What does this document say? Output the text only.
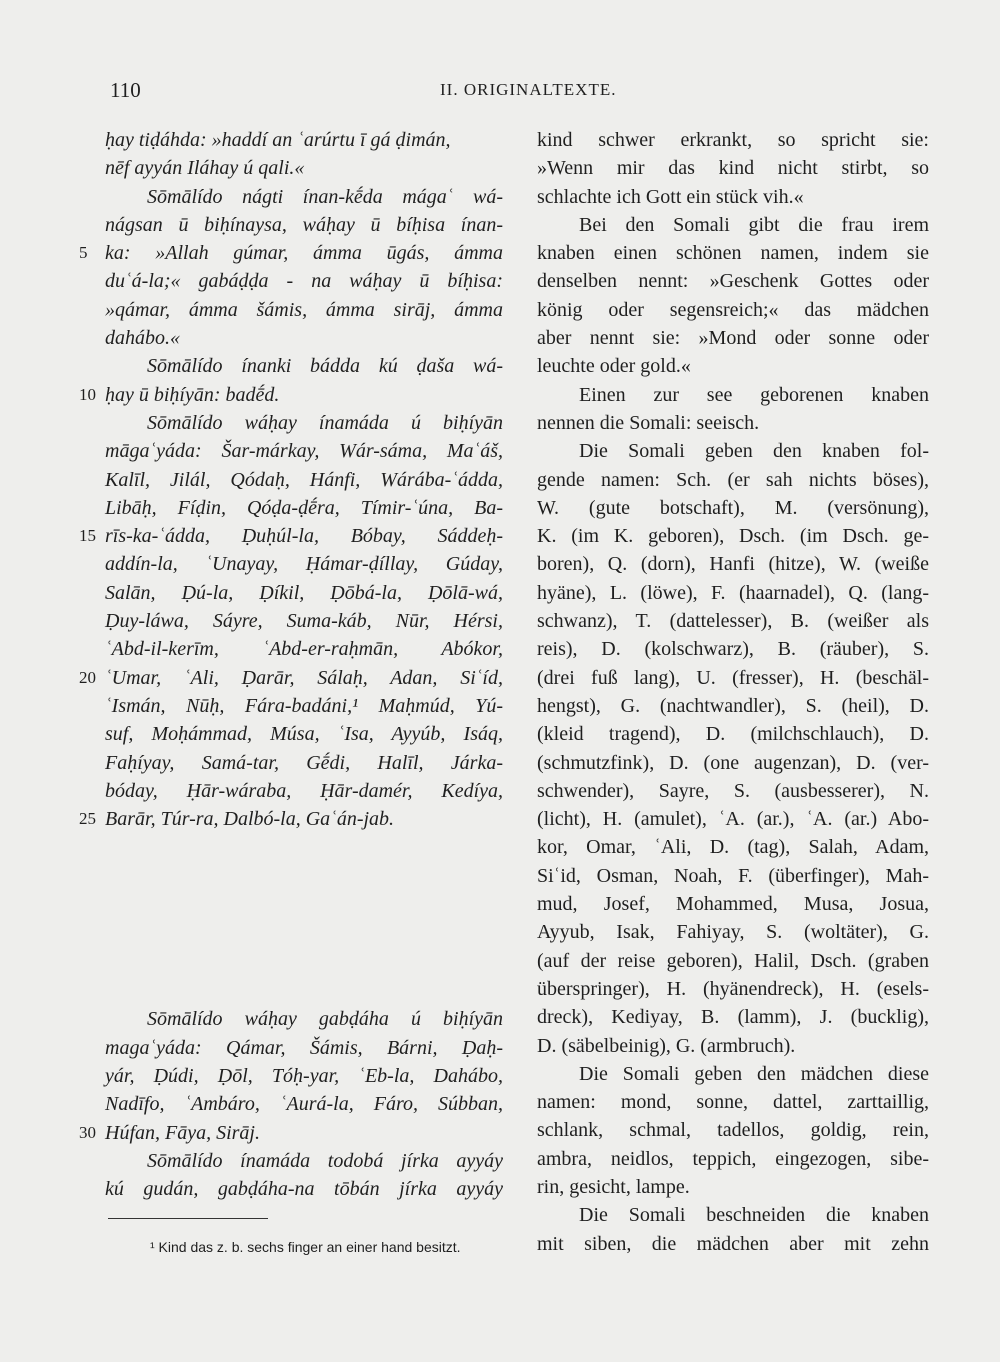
110	II. ORIGINALTEXTE.
ḥay tiḍáhda: »haddí an ʿarúrtu ī gá ḍimán,
nēf ayyán Iláhay ú qali.«
Sōmālído nágti ínan-kḗda mágaʿ wá-
nágsan ū biḥínaysa, wáḥay ū bíḥisa ínan-
5 ka: »Allah gúmar, ámma ūgás, ámma
duʿá-la;« gabáḍḍa - na wáḥay ū bíḥisa:
»qámar, ámma šámis, ámma sirāj, ámma
dahábo.«
Sōmālído ínanki bádda kú ḍaša wá-
10 ḥay ū biḥíyān: badḗd.
Sōmālído wáḥay ínamáda ú biḥíyān
māgaʿyáda: Šar-márkay, Wár-sáma, Maʿáš,
Kalīl, Jilál, Qódaḥ, Hánfi, Wárába-ʿádda,
Libāḥ, Fíḍin, Qóḍa-ḍḗra, Tímir-ʿúna, Ba-
15 rīs-ka-ʿádda, Ḍuḥúl-la, Bóbay, Sáddeḥ-
addín-la, ʿUnayay, Ḥámar-ḍíllay, Gúday,
Salān, Ḍú-la, Ḍíkil, Ḍōbá-la, Ḍōlā-wá,
Ḍuy-láwa, Sáyre, Suma-káb, Nūr, Hérsi,
ʿAbd-il-kerīm, ʿAbd-er-raḥmān, Abókor,
20 ʿUmar, ʿAli, Ḍarār, Sálaḥ, Adan, Siʿíd,
ʿIsmán, Nūḥ, Fára-badáni,¹ Maḥmúd, Yú-
suf, Moḥámmad, Músa, ʿIsa, Ayyúb, Isáq,
Faḥíyay, Samá-tar, Gḗdi, Halīl, Járka-
bóday, Ḥār-wáraba, Ḥār-damér, Kedíya,
25 Barār, Túr-ra, Dalbó-la, Gaʿán-jab.
Sōmālído wáḥay gabḍáha ú biḥíyān
magaʿyáda: Qámar, Šámis, Bárni, Ḍaḥ-
yár, Ḍúdi, Ḍōl, Tóḥ-yar, ʿEb-la, Dahábo,
Nadīfo, ʿAmbáro, ʿAurá-la, Fáro, Súbban,
30 Húfan, Fāya, Sirāj.
Sōmālído ínamáda todobá jírka ayyáy
kú gudán, gabḍáha-na tōbán jírka ayyáy
kind schwer erkrankt, so spricht sie:
»Wenn mir das kind nicht stirbt, so
schlachte ich Gott ein stück vih.«
Bei den Somali gibt die frau irem
knaben einen schönen namen, indem sie
denselben nennt: »Geschenk Gottes oder
könig oder segensreich;« das mädchen
aber nennt sie: »Mond oder sonne oder
leuchte oder gold.«
Einen zur see geborenen knaben
nennen die Somali: seeisch.
Die Somali geben den knaben fol-
gende namen: Sch. (er sah nichts böses),
W. (gute botschaft), M. (versönung),
K. (im K. geboren), Dsch. (im Dsch. ge-
boren), Q. (dorn), Hanfi (hitze), W. (weiße
hyäne), L. (löwe), F. (haarnadel), Q. (lang-
schwanz), T. (dattelesser), B. (weißer als
reis), D. (kolschwarz), B. (räuber), S.
(drei fuß lang), U. (fresser), H. (beschäl-
hengst), G. (nachtwandler), S. (heil), D.
(kleid tragend), D. (milchschlauch), D.
(schmutzfink), D. (one augenzan), D. (ver-
schwender), Sayre, S. (ausbesserer), N.
(licht), H. (amulet), ʿA. (ar.), ʿA. (ar.) Abo-
kor, Omar, ʿAli, D. (tag), Salah, Adam,
Siʿid, Osman, Noah, F. (überfinger), Mah-
mud, Josef, Mohammed, Musa, Josua,
Ayyub, Isak, Fahiyay, S. (woltäter), G.
(auf der reise geboren), Halil, Dsch. (graben
überspringer), H. (hyänendreck), H. (esels-
dreck), Kediyay, B. (lamm), J. (bucklig),
D. (säbelbeinig), G. (armbruch).
Die Somali geben den mädchen diese
namen: mond, sonne, dattel, zarttaillig,
schlank, schmal, tadellos, goldig, rein,
ambra, neidlos, teppich, eingezogen, sibe-
rin, gesicht, lampe.
Die Somali beschneiden die knaben
mit siben, die mädchen aber mit zehn
¹ Kind das z. b. sechs finger an einer hand besitzt.
